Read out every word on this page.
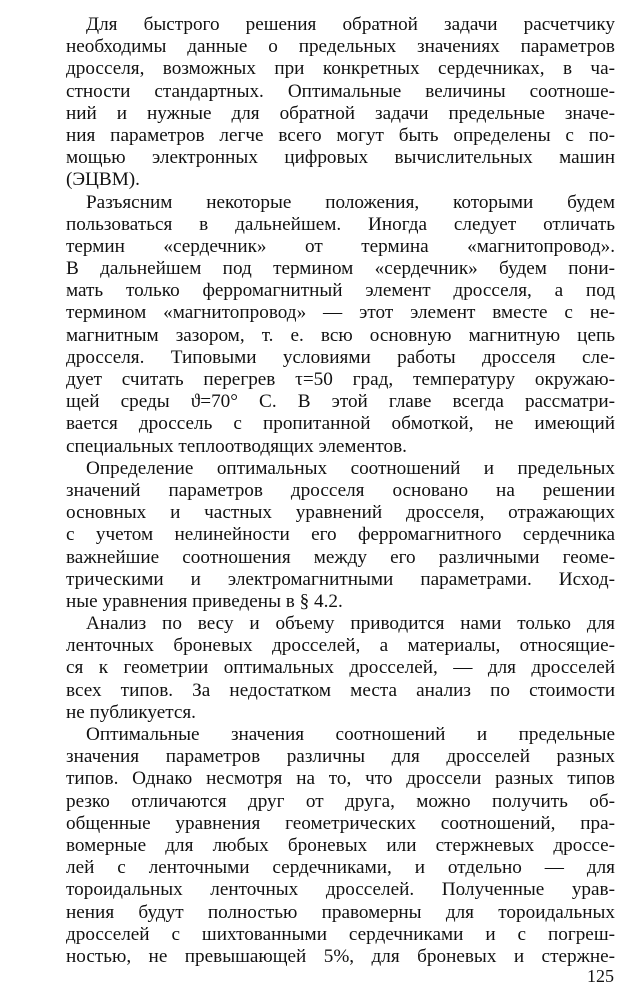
Для быстрого решения обратной задачи расчетчику
необходимы данные о предельных значениях параметров
дросселя, возможных при конкретных сердечниках, в ча-
стности стандартных. Оптимальные величины соотноше-
ний и нужные для обратной задачи предельные значе-
ния параметров легче всего могут быть определены с по-
мощью электронных цифровых вычислительных машин
(ЭЦВМ).
Разъясним некоторые положения, которыми будем
пользоваться в дальнейшем. Иногда следует отличать
термин «сердечник» от термина «магнитопровод».
В дальнейшем под термином «сердечник» будем пони-
мать только ферромагнитный элемент дросселя, а под
термином «магнитопровод» — этот элемент вместе с не-
магнитным зазором, т. е. всю основную магнитную цепь
дросселя. Типовыми условиями работы дросселя сле-
дует считать перегрев τ=50 град, температуру окружаю-
щей среды ϑ=70° С. В этой главе всегда рассматри-
вается дроссель с пропитанной обмоткой, не имеющий
специальных теплоотводящих элементов.
Определение оптимальных соотношений и предельных
значений параметров дросселя основано на решении
основных и частных уравнений дросселя, отражающих
с учетом нелинейности его ферромагнитного сердечника
важнейшие соотношения между его различными геоме-
трическими и электромагнитными параметрами. Исход-
ные уравнения приведены в § 4.2.
Анализ по весу и объему приводится нами только для
ленточных броневых дросселей, а материалы, относящие-
ся к геометрии оптимальных дросселей, — для дросселей
всех типов. За недостатком места анализ по стоимости
не публикуется.
Оптимальные значения соотношений и предельные
значения параметров различны для дросселей разных
типов. Однако несмотря на то, что дроссели разных типов
резко отличаются друг от друга, можно получить об-
общенные уравнения геометрических соотношений, пра-
вомерные для любых броневых или стержневых дроссе-
лей с ленточными сердечниками, и отдельно — для
тороидальных ленточных дросселей. Полученные урав-
нения будут полностью правомерны для тороидальных
дросселей с шихтованными сердечниками и с погреш-
ностью, не превышающей 5%, для броневых и стержне-
125
